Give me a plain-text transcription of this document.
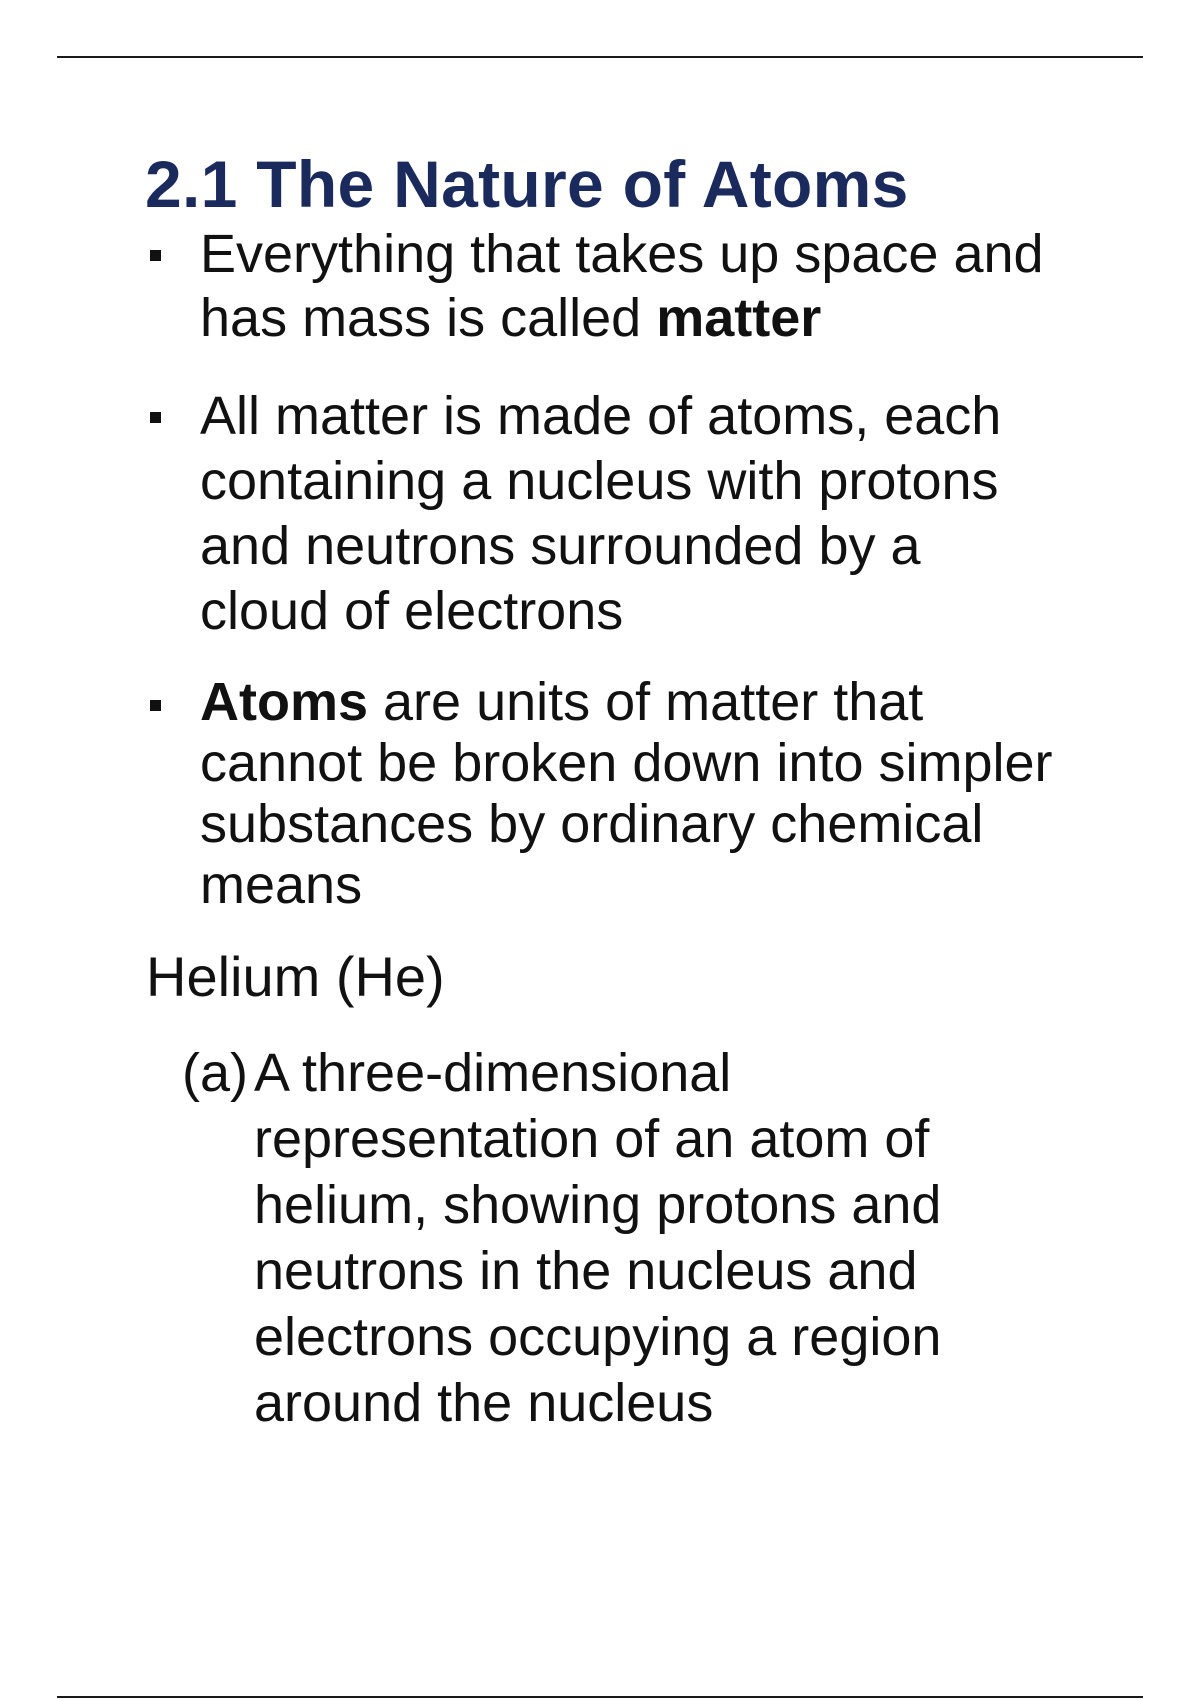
2.1 The Nature of Atoms

Everything that takes up space and has mass is called matter

All matter is made of atoms, each containing a nucleus with protons and neutrons surrounded by a cloud of electrons

Atoms are units of matter that cannot be broken down into simpler substances by ordinary chemical means

Helium (He)
(a) A three-dimensional representation of an atom of helium, showing protons and neutrons in the nucleus and electrons occupying a region around the nucleus
